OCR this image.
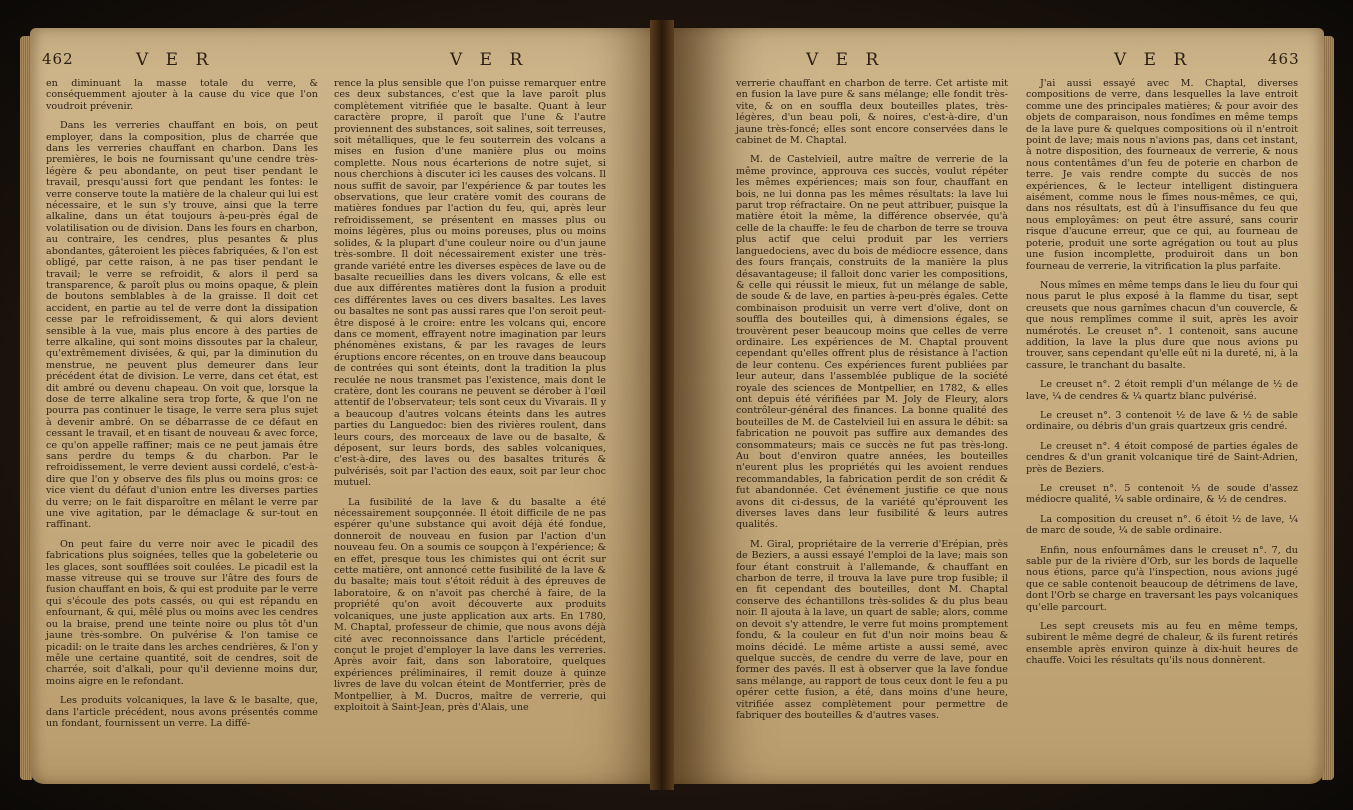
462	V E R	V E R

en diminuant la masse totale du verre, & conséquemment ajouter à la cause du vice que l'on voudroit prévenir.

Dans les verreries chauffant en bois, on peut employer, dans la composition, plus de charrée que dans les verreries chauffant en charbon. Dans les premières, le bois ne fournissant qu'une cendre très-légère & peu abondante, on peut tiser pendant le travail, presqu'aussi fort que pendant les fontes: le verre conserve toute la matière de la chaleur qui lui est nécessaire, et le sun s'y trouve, ainsi que la terre alkaline, dans un état toujours à-peu-près égal de volatilisation ou de division. Dans les fours en charbon, au contraire, les cendres, plus pesantes & plus abondantes, gâteroient les pièces fabriquées, & l'on est obligé, par cette raison, à ne pas tiser pendant le travail; le verre se refroidit, & alors il perd sa transparence, & paroît plus ou moins opaque, & plein de boutons semblables à de la graisse. Il doit cet accident, en partie au tel de verre dont la dissipation cesse par le refroidissement, & qui alors devient sensible à la vue, mais plus encore à des parties de terre alkaline, qui sont moins dissoutes par la chaleur, qu'extrêmement divisées, & qui, par la diminution du menstrue, ne peuvent plus demeurer dans leur précédent état de division. Le verre, dans cet état, est dit ambré ou devenu chapeau. On voit que, lorsque la dose de terre alkaline sera trop forte, & que l'on ne pourra pas continuer le tisage, le verre sera plus sujet à devenir ambré. On se débarrasse de ce défaut en cessant le travail, et en tisant de nouveau & avec force, ce qu'on appelle raffiner; mais ce ne peut jamais être sans perdre du temps & du charbon. Par le refroidissement, le verre devient aussi cordelé, c'est-à-dire que l'on y observe des fils plus ou moins gros: ce vice vient du défaut d'union entre les diverses parties du verre; on le fait disparoître en mêlant le verre par une vive agitation, par le démaclage & sur-tout en raffinant.

On peut faire du verre noir avec le picadil des fabrications plus soignées, telles que la gobeleterie ou les glaces, sont soufflées soit coulées. Le picadil est la masse vitreuse qui se trouve sur l'âtre des fours de fusion chauffant en bois, & qui est produite par le verre qui s'écoule des pots cassés, ou qui est répandu en enfournant, & qui, mêlé plus ou moins avec les cendres ou la braise, prend une teinte noire ou plus tôt d'un jaune très-sombre. On pulvérise & l'on tamise ce picadil: on le traite dans les arches cendrières, & l'on y mêle une certaine quantité, soit de cendres, soit de charrée, soit d'alkali, pour qu'il devienne moins dur, moins aigre en le refondant.

Les produits volcaniques, la lave & le basalte, que, dans l'article précédent, nous avons présentés comme un fondant, fournissent un verre. La diffé-

rence la plus sensible que l'on puisse remarquer entre ces deux substances, c'est que la lave paroît plus complètement vitrifiée que le basalte. Quant à leur caractère propre, il paroît que l'une & l'autre proviennent des substances, soit salines, soit terreuses, soit métalliques, que le feu souterrein des volcans a mises en fusion d'une manière plus ou moins complette. Nous nous écarterions de notre sujet, si nous cherchions à discuter ici les causes des volcans. Il nous suffit de savoir, par l'expérience & par toutes les observations, que leur cratère vomit des courans de matières fondues par l'action du feu, qui, après leur refroidissement, se présentent en masses plus ou moins légères, plus ou moins poreuses, plus ou moins solides, & la plupart d'une couleur noire ou d'un jaune très-sombre. Il doit nécessairement exister une très-grande variété entre les diverses espèces de lave ou de basalte recueillies dans les divers volcans, & elle est due aux différentes matières dont la fusion a produit ces différentes laves ou ces divers basaltes. Les laves ou basaltes ne sont pas aussi rares que l'on seroit peut-être disposé à le croire: entre les volcans qui, encore dans ce moment, effrayent notre imagination par leurs phénomènes existans, & par les ravages de leurs éruptions encore récentes, on en trouve dans beaucoup de contrées qui sont éteints, dont la tradition la plus reculée ne nous transmet pas l'existence, mais dont le cratère, dont les courans ne peuvent se dérober à l'œil attentif de l'observateur; tels sont ceux du Vivarais. Il y a beaucoup d'autres volcans éteints dans les autres parties du Languedoc: bien des rivières roulent, dans leurs cours, des morceaux de lave ou de basalte, & déposent, sur leurs bords, des sables volcaniques, c'est-à-dire, des laves ou des basaltes triturés & pulvérisés, soit par l'action des eaux, soit par leur choc mutuel.

La fusibilité de la lave & du basalte a été nécessairement soupçonnée. Il étoit difficile de ne pas espérer qu'une substance qui avoit déjà été fondue, donneroit de nouveau en fusion par l'action d'un nouveau feu. On a soumis ce soupçon à l'expérience; & en effet, presque tous les chimistes qui ont écrit sur cette matière, ont annoncé cette fusibilité de la lave & du basalte; mais tout s'étoit réduit à des épreuves de laboratoire, & on n'avoit pas cherché à faire, de la propriété qu'on avoit découverte aux produits volcaniques, une juste application aux arts. En 1780, M. Chaptal, professeur de chimie, que nous avons déjà cité avec reconnoissance dans l'article précédent, conçut le projet d'employer la lave dans les verreries. Après avoir fait, dans son laboratoire, quelques expériences préliminaires, il remit douze à quinze livres de lave du volcan éteint de Montferrier, près de Montpellier, à M. Ducros, maître de verrerie, qui exploitoit à Saint-Jean, près d'Alais, une

V E R	V E R	463

verrerie chauffant en charbon de terre. Cet artiste mit en fusion la lave pure & sans mélange; elle fondit très-vite, & on en souffla deux bouteilles plates, très-légères, d'un beau poli, & noires, c'est-à-dire, d'un jaune très-foncé; elles sont encore conservées dans le cabinet de M. Chaptal.

M. de Castelvieil, autre maître de verrerie de la même province, approuva ces succès, voulut répéter les mêmes expériences; mais son four, chauffant en bois, ne lui donna pas les mêmes résultats: la lave lui parut trop réfractaire. On ne peut attribuer, puisque la matière étoit la même, la différence observée, qu'à celle de la chauffe: le feu de charbon de terre se trouva plus actif que celui produit par les verriers languedociens, avec du bois de médiocre essence, dans des fours français, construits de la manière la plus désavantageuse; il falloit donc varier les compositions, & celle qui réussit le mieux, fut un mélange de sable, de soude & de lave, en parties à-peu-près égales. Cette combinaison produisit un verre vert d'olive, dont on souffla des bouteilles qui, à dimensions égales, se trouvèrent peser beaucoup moins que celles de verre ordinaire. Les expériences de M. Chaptal prouvent cependant qu'elles offrent plus de résistance à l'action de leur contenu. Ces expériences furent publiées par leur auteur, dans l'assemblée publique de la société royale des sciences de Montpellier, en 1782, & elles ont depuis été vérifiées par M. Joly de Fleury, alors contrôleur-général des finances. La bonne qualité des bouteilles de M. de Castelvieil lui en assura le débit: sa fabrication ne pouvoit pas suffire aux demandes des consommateurs; mais ce succès ne fut pas très-long. Au bout d'environ quatre années, les bouteilles n'eurent plus les propriétés qui les avoient rendues recommandables, la fabrication perdit de son crédit & fut abandonnée. Cet événement justifie ce que nous avons dit ci-dessus, de la variété qu'éprouvent les diverses laves dans leur fusibilité & leurs autres qualités.

M. Giral, propriétaire de la verrerie d'Erépian, près de Beziers, a aussi essayé l'emploi de la lave; mais son four étant construit à l'allemande, & chauffant en charbon de terre, il trouva la lave pure trop fusible; il en fit cependant des bouteilles, dont M. Chaptal conserve des échantillons très-solides & du plus beau noir. Il ajouta à la lave, un quart de sable; alors, comme on devoit s'y attendre, le verre fut moins promptement fondu, & la couleur en fut d'un noir moins beau & moins décidé. Le même artiste a aussi semé, avec quelque succès, de cendre du verre de lave, pour en former des pavés. Il est à observer que la lave fondue sans mélange, au rapport de tous ceux dont le feu a pu opérer cette fusion, a été, dans moins d'une heure, vitrifiée assez complètement pour permettre de fabriquer des bouteilles & d'autres vases.

J'ai aussi essayé avec M. Chaptal, diverses compositions de verre, dans lesquelles la lave entroit comme une des principales matières; & pour avoir des objets de comparaison, nous fondîmes en même temps de la lave pure & quelques compositions où il n'entroit point de lave; mais nous n'avions pas, dans cet instant, à notre disposition, des fourneaux de verrerie, & nous nous contentâmes d'un feu de poterie en charbon de terre. Je vais rendre compte du succès de nos expériences, & le lecteur intelligent distinguera aisément, comme nous le fîmes nous-mêmes, ce qui, dans nos résultats, est dû à l'insuffisance du feu que nous employâmes: on peut être assuré, sans courir risque d'aucune erreur, que ce qui, au fourneau de poterie, produit une sorte agrégation ou tout au plus une fusion incomplette, produiroit dans un bon fourneau de verrerie, la vitrification la plus parfaite.

Nous mîmes en même temps dans le lieu du four qui nous parut le plus exposé à la flamme du tisar, sept creusets que nous garnîmes chacun d'un couvercle, & que nous remplîmes comme il suit, après les avoir numérotés. Le creuset n°. 1 contenoit, sans aucune addition, la lave la plus dure que nous avions pu trouver, sans cependant qu'elle eût ni la dureté, ni, à la cassure, le tranchant du basalte.

Le creuset n°. 2 étoit rempli d'un mélange de ½ de lave, ¼ de cendres & ¼ quartz blanc pulvérisé.

Le creuset n°. 3 contenoit ½ de lave & ½ de sable ordinaire, ou débris d'un grais quartzeux gris cendré.

Le creuset n°. 4 étoit composé de parties égales de cendres & d'un granit volcanique tiré de Saint-Adrien, près de Beziers.

Le creuset n°. 5 contenoit ⅓ de soude d'assez médiocre qualité, ¼ sable ordinaire, & ½ de cendres.

La composition du creuset n°. 6 étoit ½ de lave, ¼ de marc de soude, ¼ de sable ordinaire.

Enfin, nous enfournâmes dans le creuset n°. 7, du sable pur de la rivière d'Orb, sur les bords de laquelle nous étions, parce qu'à l'inspection, nous avions jugé que ce sable contenoit beaucoup de détrimens de lave, dont l'Orb se charge en traversant les pays volcaniques qu'elle parcourt.

Les sept creusets mis au feu en même temps, subirent le même degré de chaleur, & ils furent retirés ensemble après environ quinze à dix-huit heures de chauffe. Voici les résultats qu'ils nous donnèrent.
